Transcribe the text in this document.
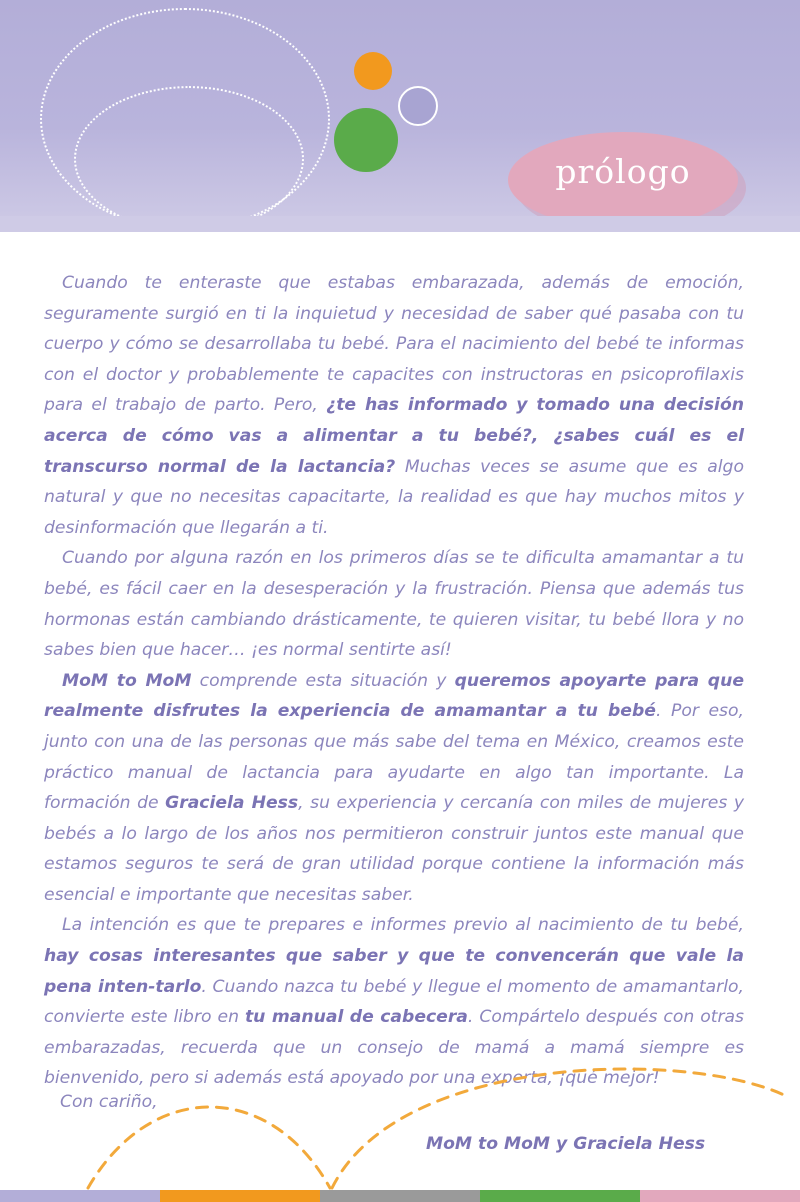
prólogo

Cuando te enteraste que estabas embarazada, además de emoción, seguramente surgió en ti la inquietud y necesidad de saber qué pasaba con tu cuerpo y cómo se desarrollaba tu bebé. Para el nacimiento del bebé te informas con el doctor y probablemente te capacites con instructoras en psicoprofilaxis para el trabajo de parto. Pero, ¿te has informado y tomado una decisión acerca de cómo vas a alimentar a tu bebé?, ¿sabes cuál es el transcurso normal de la lactancia? Muchas veces se asume que es algo natural y que no necesitas capacitarte, la realidad es que hay muchos mitos y desinformación que llegarán a ti.

Cuando por alguna razón en los primeros días se te dificulta amamantar a tu bebé, es fácil caer en la desesperación y la frustración. Piensa que además tus hormonas están cambiando drásticamente, te quieren visitar, tu bebé llora y no sabes bien que hacer… ¡es normal sentirte así!

MoM to MoM comprende esta situación y queremos apoyarte para que realmente disfrutes la experiencia de amamantar a tu bebé. Por eso, junto con una de las personas que más sabe del tema en México, creamos este práctico manual de lactancia para ayudarte en algo tan importante. La formación de Graciela Hess, su experiencia y cercanía con miles de mujeres y bebés a lo largo de los años nos permitieron construir juntos este manual que estamos seguros te será de gran utilidad porque contiene la información más esencial e importante que necesitas saber.

La intención es que te prepares e informes previo al nacimiento de tu bebé, hay cosas interesantes que saber y que te convencerán que vale la pena inten-tarlo. Cuando nazca tu bebé y llegue el momento de amamantarlo, convierte este libro en tu manual de cabecera. Compártelo después con otras embarazadas, recuerda que un consejo de mamá a mamá siempre es bienvenido, pero si además está apoyado por una experta, ¡qué mejor!

Con cariño,
MoM to MoM y Graciela Hess
